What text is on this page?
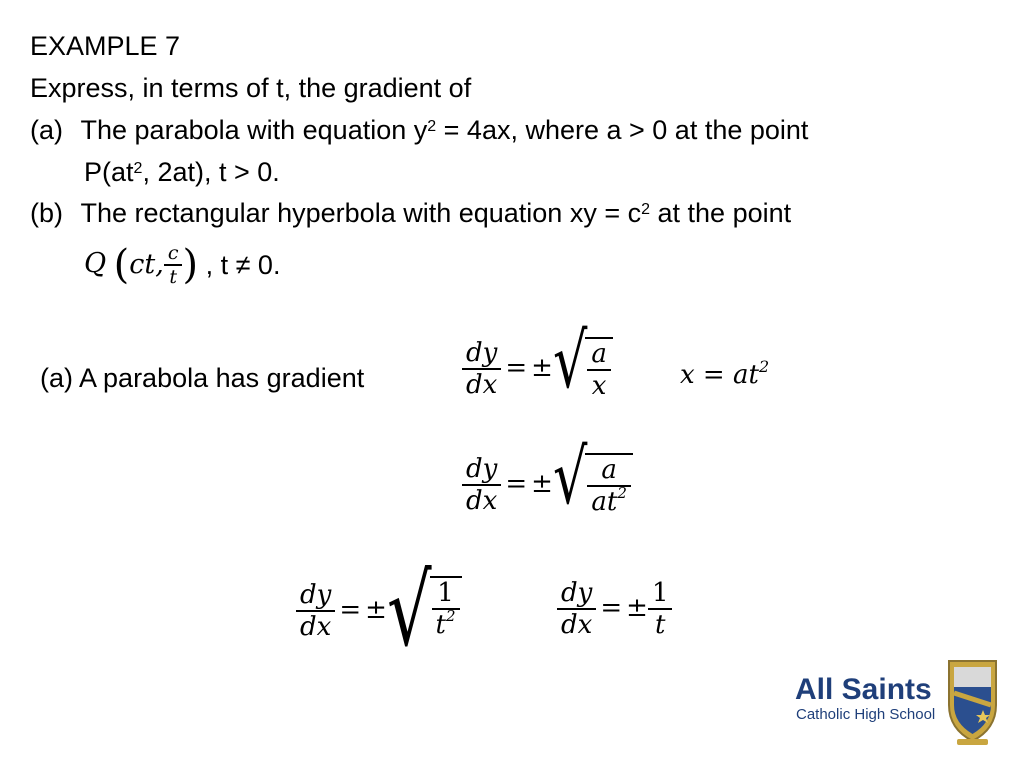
EXAMPLE 7
Express, in terms of t, the gradient of
(a) The parabola with equation $y^2 = 4ax$, where a > 0 at the point
$P(at^2$, 2at), t > 0.
(b) The rectangular hyperbola with equation xy = $c^2$ at the point
Q (ct, $\frac{c}{t}$ ) , t ≠ 0.
(a) A parabola has gradient	$\frac{dy}{dx}$ = ± √ $\frac{a}{x}$	$x = at^2$
$\frac{dy}{dx}$ = ± √ $\frac{a}{at^2}$
$\frac{dy}{dx}$ = ± √ $\frac{1}{t^2}$	$\frac{dy}{dx}$ = ± $\frac{1}{t}$
All Saints
Catholic High School
